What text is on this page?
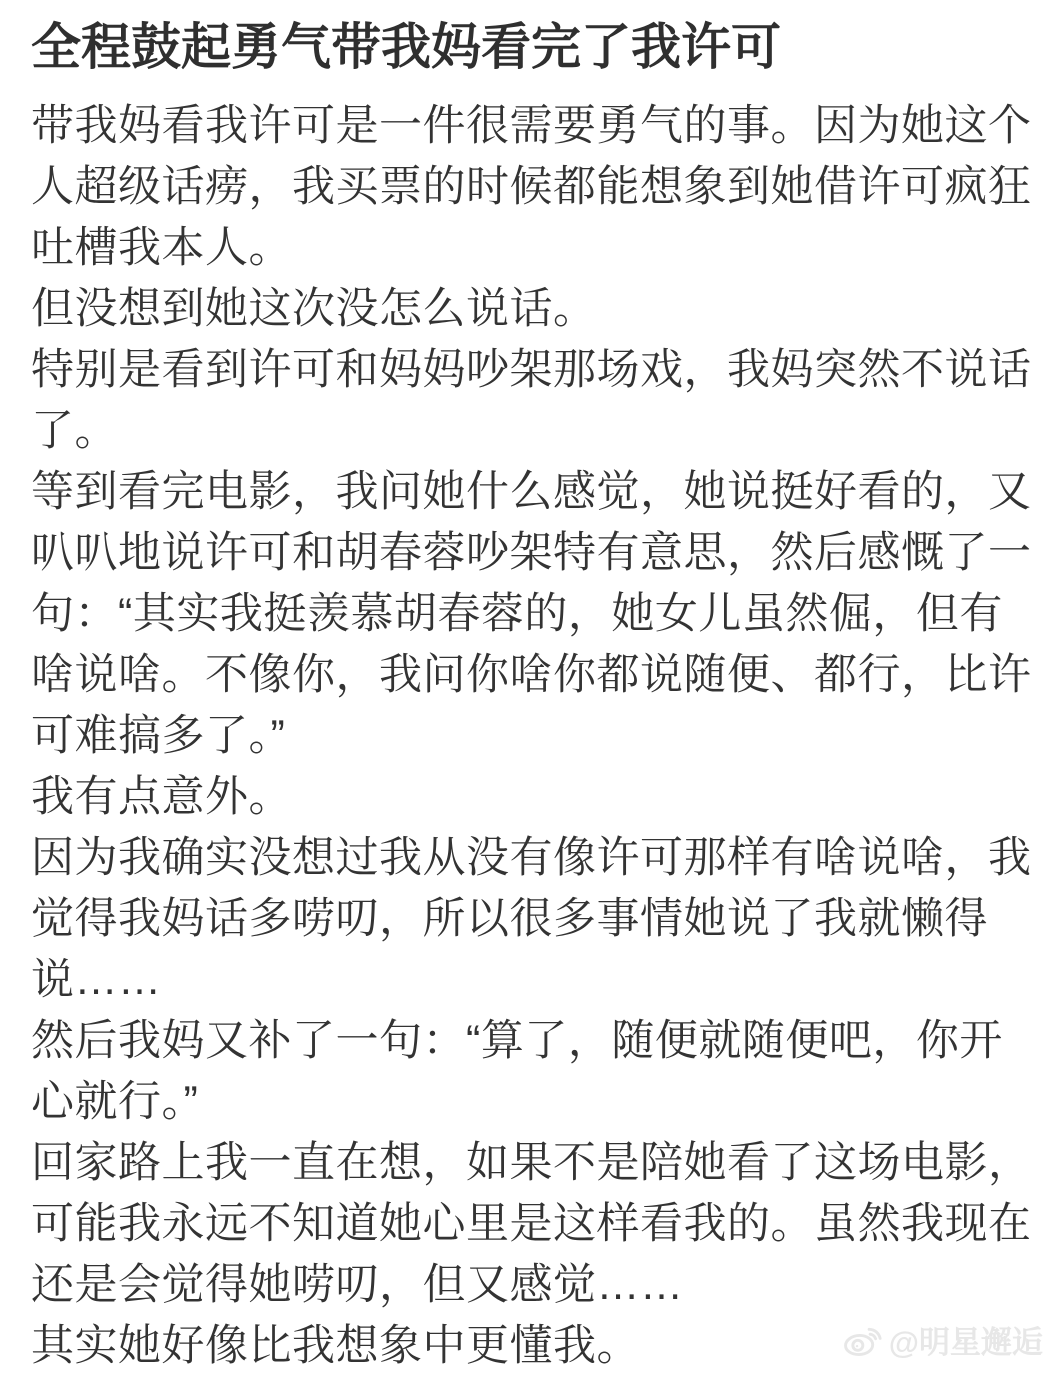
全程鼓起勇气带我妈看完了我许可

带我妈看我许可是一件很需要勇气的事。因为她这个
人超级话痨，我买票的时候都能想象到她借许可疯狂
吐槽我本人。

但没想到她这次没怎么说话。

特别是看到许可和妈妈吵架那场戏，我妈突然不说话
了。

等到看完电影，我问她什么感觉，她说挺好看的，又
叭叭地说许可和胡春蓉吵架特有意思，然后感慨了一
句：“其实我挺羡慕胡春蓉的，她女儿虽然倔，但有
啥说啥。不像你，我问你啥你都说随便、都行，比许
可难搞多了。”

我有点意外。

因为我确实没想过我从没有像许可那样有啥说啥，我
觉得我妈话多唠叨，所以很多事情她说了我就懒得
说……

然后我妈又补了一句：“算了，随便就随便吧，你开
心就行。”

回家路上我一直在想，如果不是陪她看了这场电影，
可能我永远不知道她心里是这样看我的。虽然我现在
还是会觉得她唠叨，但又感觉……

其实她好像比我想象中更懂我。	@明星邂逅
